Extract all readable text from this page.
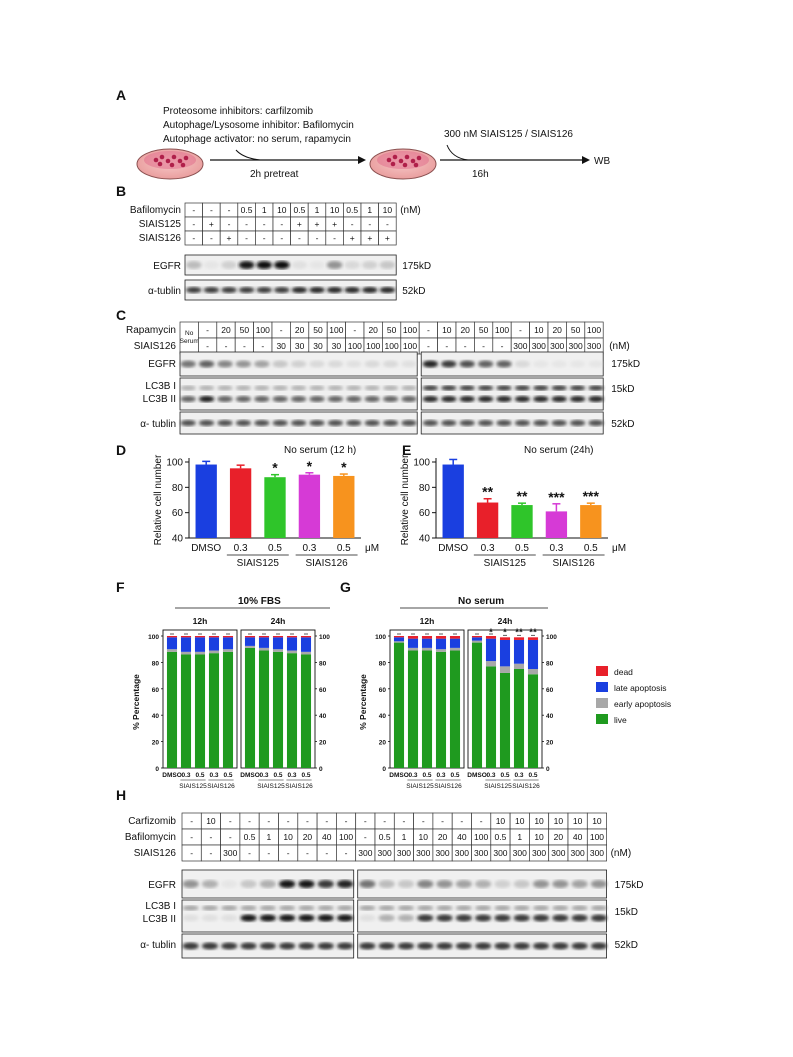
A
Proteosome inhibitors: carfilzomib
Autophage/Lysosome inhibitor: Bafilomycin
Autophage activator: no serum, rapamycin
2h pretreat
300 nM SIAIS125 / SIAIS126
16h
WB
B
Bafilomycin - - - 0.5 1 10 0.5 1 10 0.5 1 10 (nM)
SIAIS125 - + - - - - + + + - - -
SIAIS126 - - + - - - - - - + + +
EGFR	175kD
α-tublin	52kD
C
Rapamycin
SIAIS126
No Serum
- 20 50 100 - 20 50 100 - 20 50 100 - 10 20 50 100 - 10 20 50 100
- - - - 30 30 30 30 100 100 100 100 - - - - - 300 300 300 300 300 (nM)
EGFR
LC3B I
LC3B II
α- tublin
175kD
15kD
52kD
D	No serum (12 h)
40
60
80
100
Relative cell number
DMSO 0.3
*
0.5
*
0.3
*
0.5
SIAIS125	SIAIS126
μM
E	No serum (24h)
40
60
80
100
Relative cell number
DMSO
**
0.3
**
0.5
***
0.3
***
0.5
SIAIS125	SIAIS126
μM
F
10% FBS
12h
DMSO 0.3 0.5 0.3 0.5
SIAIS125 SIAIS126
24h
DMSO 0.3 0.5 0.3 0.5
SIAIS125 SIAIS126
0	0
20	20
40	40
60	60
80	80
100	100
% Percentage
G
No serum
12h
DMSO 0.3 0.5 0.3 0.5
SIAIS125 SIAIS126
24h
DMSO
*
0.3
*
0.5
**
0.3
**
0.5
SIAIS125 SIAIS126
0	0
20	20
40	40
60	60
80	80
100	100
% Percentage
dead
late apoptosis
early apoptosis
live
H
Carfizomib - 10 - - - - - - - - - - - - - - 10 10 10 10 10 10
Bafilomycin - - - 0.5 1 10 20 40 100 - 0.5 1 10 20 40 100 0.5 1 10 20 40 100
SIAIS126 - - 300 - - - - - - 300 300 300 300 300 300 300 300 300 300 300 300 300 (nM)
EGFR
LC3B I
LC3B II
α- tublin
175kD
15kD
52kD
